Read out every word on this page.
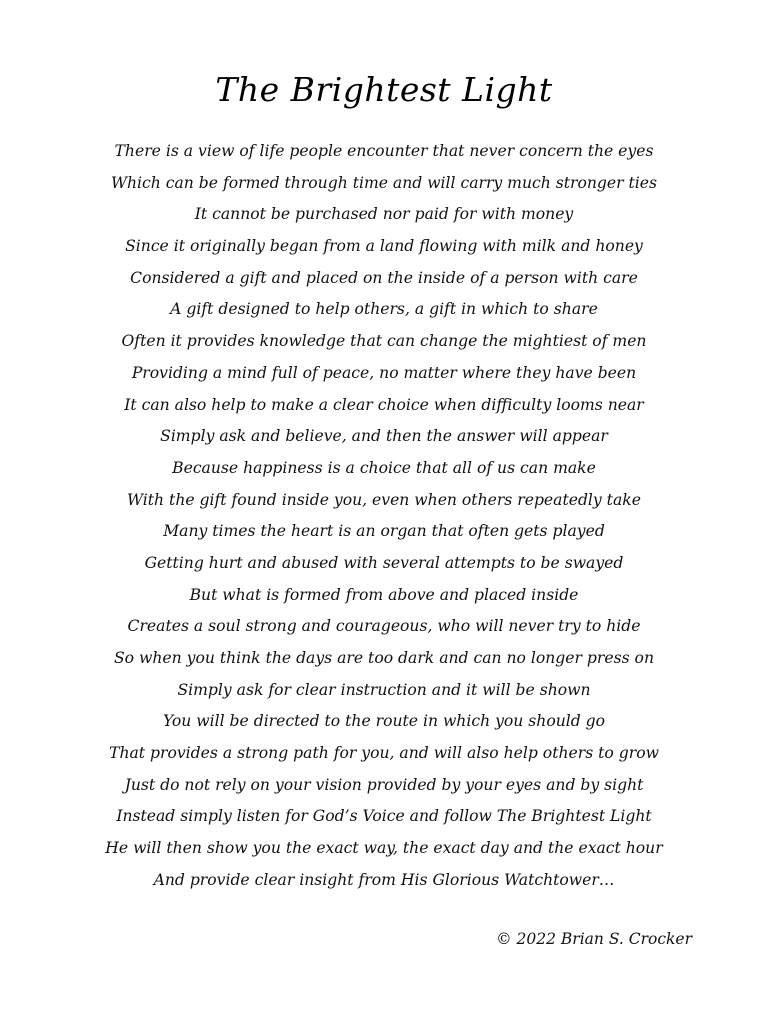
The Brightest Light
There is a view of life people encounter that never concern the eyes
Which can be formed through time and will carry much stronger ties
It cannot be purchased nor paid for with money
Since it originally began from a land flowing with milk and honey
Considered a gift and placed on the inside of a person with care
A gift designed to help others, a gift in which to share
Often it provides knowledge that can change the mightiest of men
Providing a mind full of peace, no matter where they have been
It can also help to make a clear choice when difficulty looms near
Simply ask and believe, and then the answer will appear
Because happiness is a choice that all of us can make
With the gift found inside you, even when others repeatedly take
Many times the heart is an organ that often gets played
Getting hurt and abused with several attempts to be swayed
But what is formed from above and placed inside
Creates a soul strong and courageous, who will never try to hide
So when you think the days are too dark and can no longer press on
Simply ask for clear instruction and it will be shown
You will be directed to the route in which you should go
That provides a strong path for you, and will also help others to grow
Just do not rely on your vision provided by your eyes and by sight
Instead simply listen for God’s Voice and follow The Brightest Light
He will then show you the exact way, the exact day and the exact hour
And provide clear insight from His Glorious Watchtower…
© 2022 Brian S. Crocker
